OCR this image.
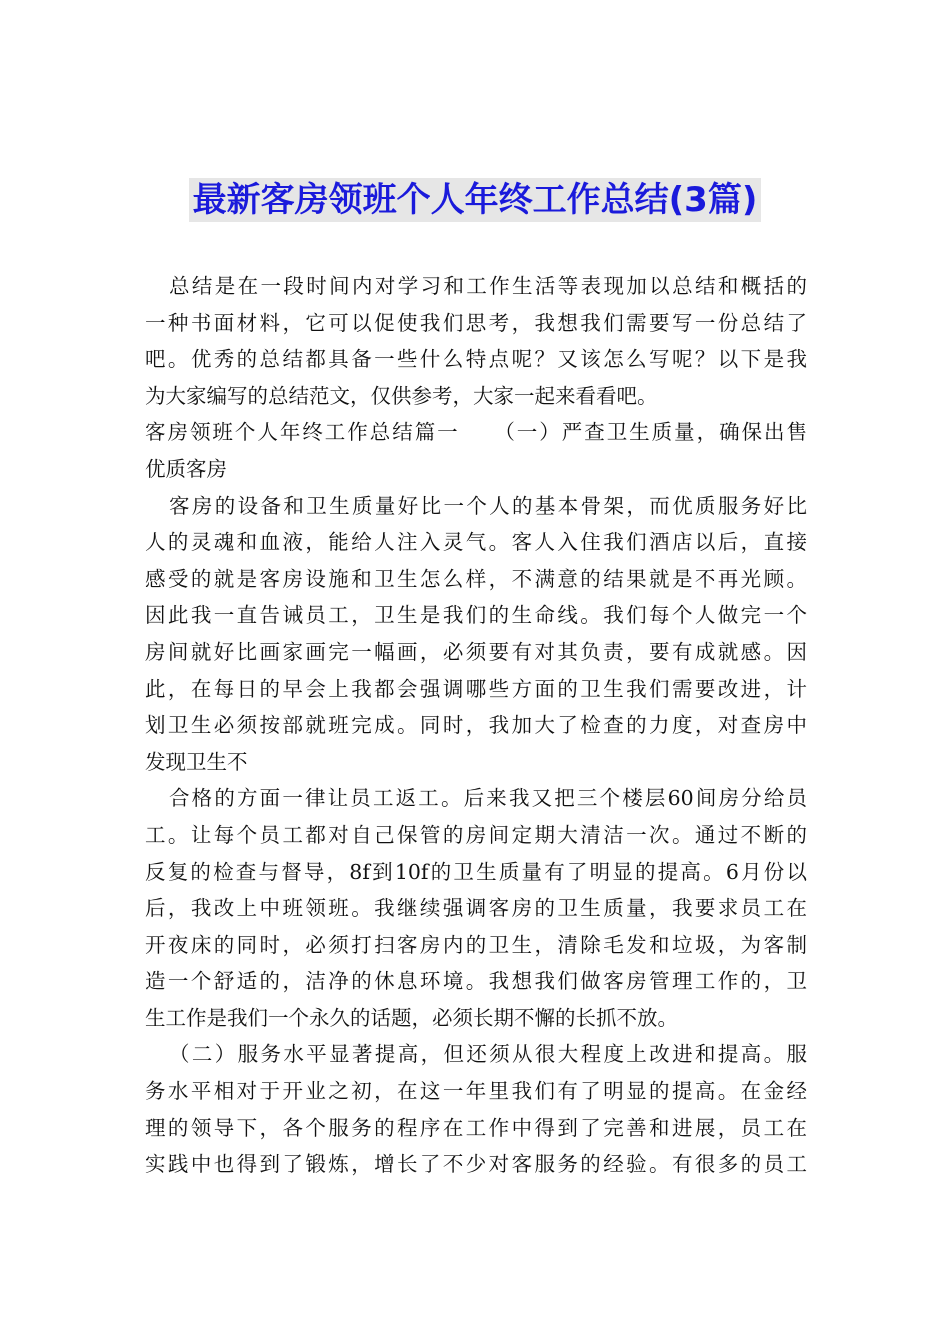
最新客房领班个人年终工作总结(3篇)
总结是在一段时间内对学习和工作生活等表现加以总结和概括的
一种书面材料，它可以促使我们思考，我想我们需要写一份总结了
吧。优秀的总结都具备一些什么特点呢？又该怎么写呢？以下是我
为大家编写的总结范文，仅供参考，大家一起来看看吧。
客房领班个人年终工作总结篇一　　（一）严查卫生质量，确保出售
优质客房
客房的设备和卫生质量好比一个人的基本骨架，而优质服务好比
人的灵魂和血液，能给人注入灵气。客人入住我们酒店以后，直接
感受的就是客房设施和卫生怎么样，不满意的结果就是不再光顾。
因此我一直告诫员工，卫生是我们的生命线。我们每个人做完一个
房间就好比画家画完一幅画，必须要有对其负责，要有成就感。因
此，在每日的早会上我都会强调哪些方面的卫生我们需要改进，计
划卫生必须按部就班完成。同时，我加大了检查的力度，对查房中
发现卫生不
合格的方面一律让员工返工。后来我又把三个楼层60间房分给员
工。让每个员工都对自己保管的房间定期大清洁一次。通过不断的
反复的检查与督导，8f到10f的卫生质量有了明显的提高。6月份以
后，我改上中班领班。我继续强调客房的卫生质量，我要求员工在
开夜床的同时，必须打扫客房内的卫生，清除毛发和垃圾，为客制
造一个舒适的，洁净的休息环境。我想我们做客房管理工作的，卫
生工作是我们一个永久的话题，必须长期不懈的长抓不放。
（二）服务水平显著提高，但还须从很大程度上改进和提高。服
务水平相对于开业之初，在这一年里我们有了明显的提高。在金经
理的领导下，各个服务的程序在工作中得到了完善和进展，员工在
实践中也得到了锻炼，增长了不少对客服务的经验。有很多的员工
